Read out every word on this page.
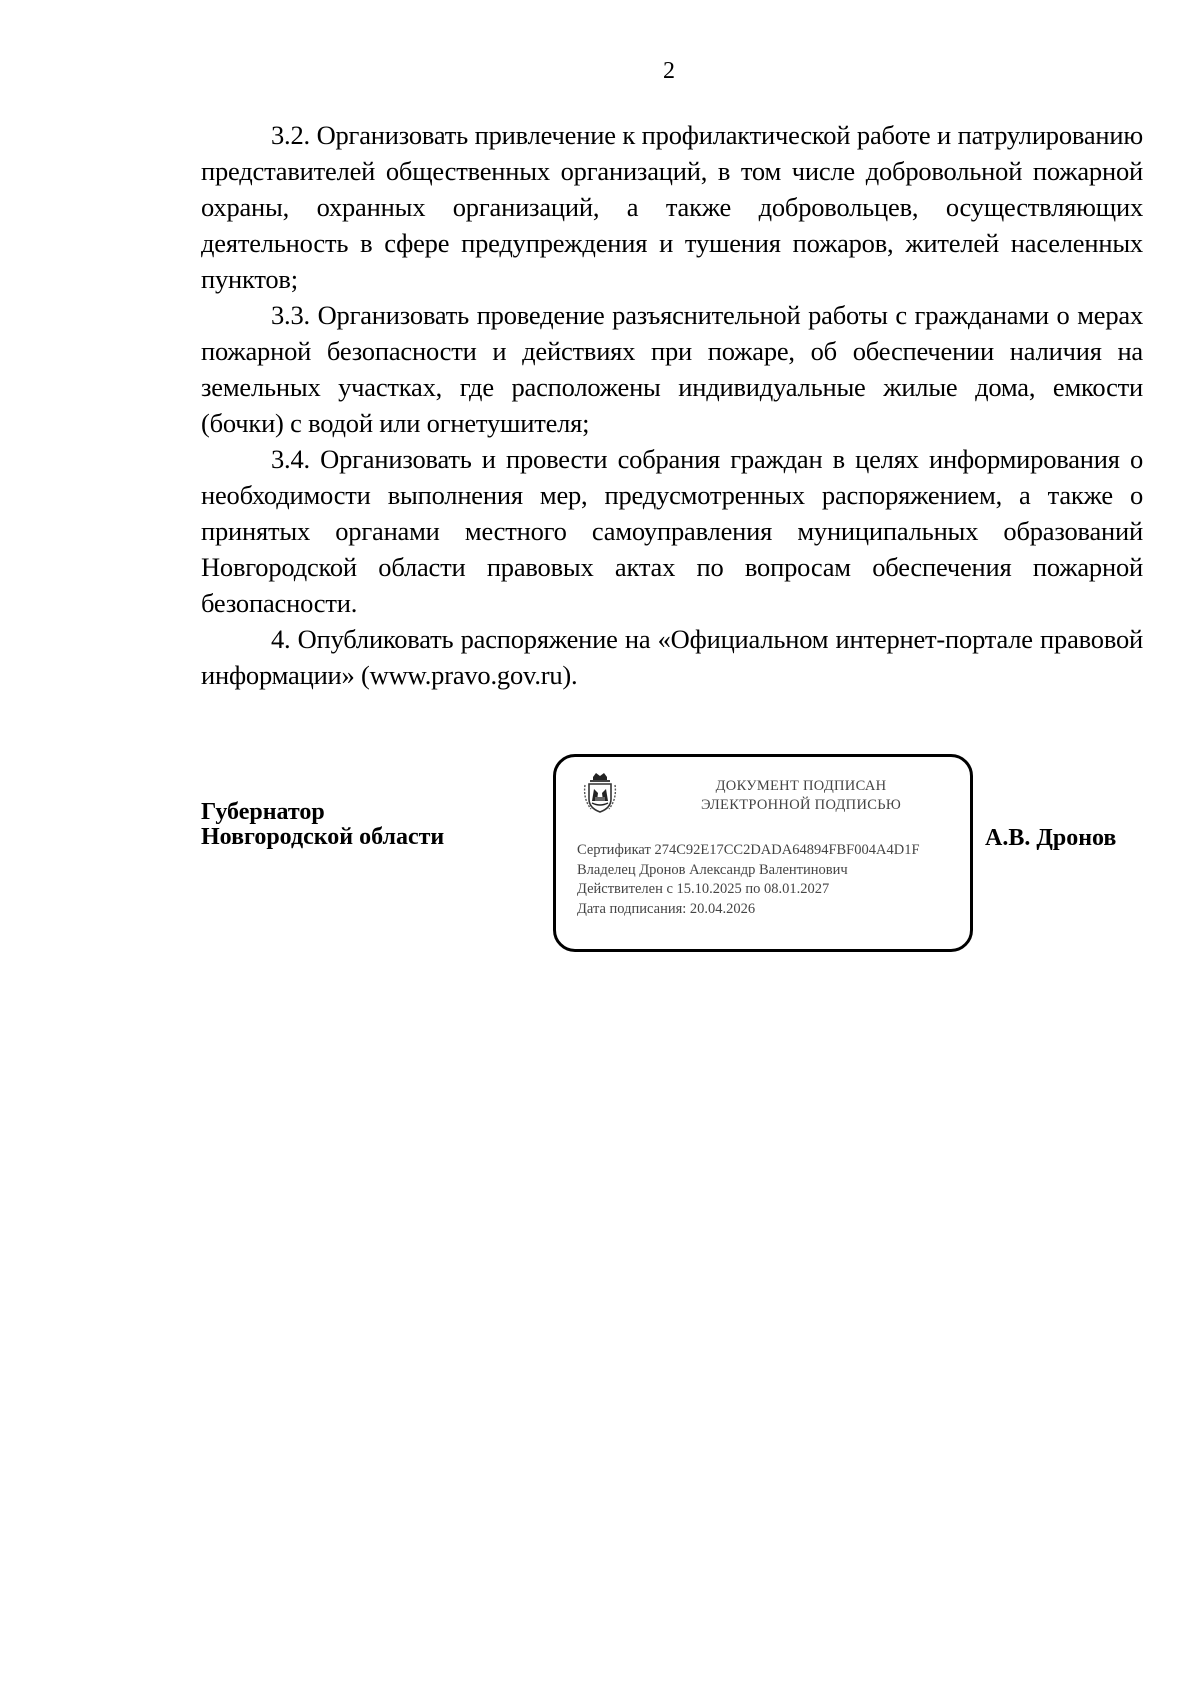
2

3.2. Организовать привлечение к профилактической работе и патрулированию представителей общественных организаций, в том числе добровольной пожарной охраны, охранных организаций, а также добровольцев, осуществляющих деятельность в сфере предупреждения и тушения пожаров, жителей населенных пунктов;

3.3. Организовать проведение разъяснительной работы с гражданами о мерах пожарной безопасности и действиях при пожаре, об обеспечении наличия на земельных участках, где расположены индивидуальные жилые дома, емкости (бочки) с водой или огнетушителя;

3.4. Организовать и провести собрания граждан в целях информирования о необходимости выполнения мер, предусмотренных распоряжением, а также о принятых органами местного самоуправления муниципальных образований Новгородской области правовых актах по вопросам обеспечения пожарной безопасности.

4. Опубликовать распоряжение на «Официальном интернет-портале правовой информации» (www.pravo.gov.ru).

Губернатор
Новгородской области
ДОКУМЕНТ ПОДПИСАН
ЭЛЕКТРОННОЙ ПОДПИСЬЮ
Сертификат 274C92E17CC2DADA64894FBF004A4D1F
Владелец Дронов Александр Валентинович
Действителен с 15.10.2025 по 08.01.2027
Дата подписания: 20.04.2026
А.В. Дронов
